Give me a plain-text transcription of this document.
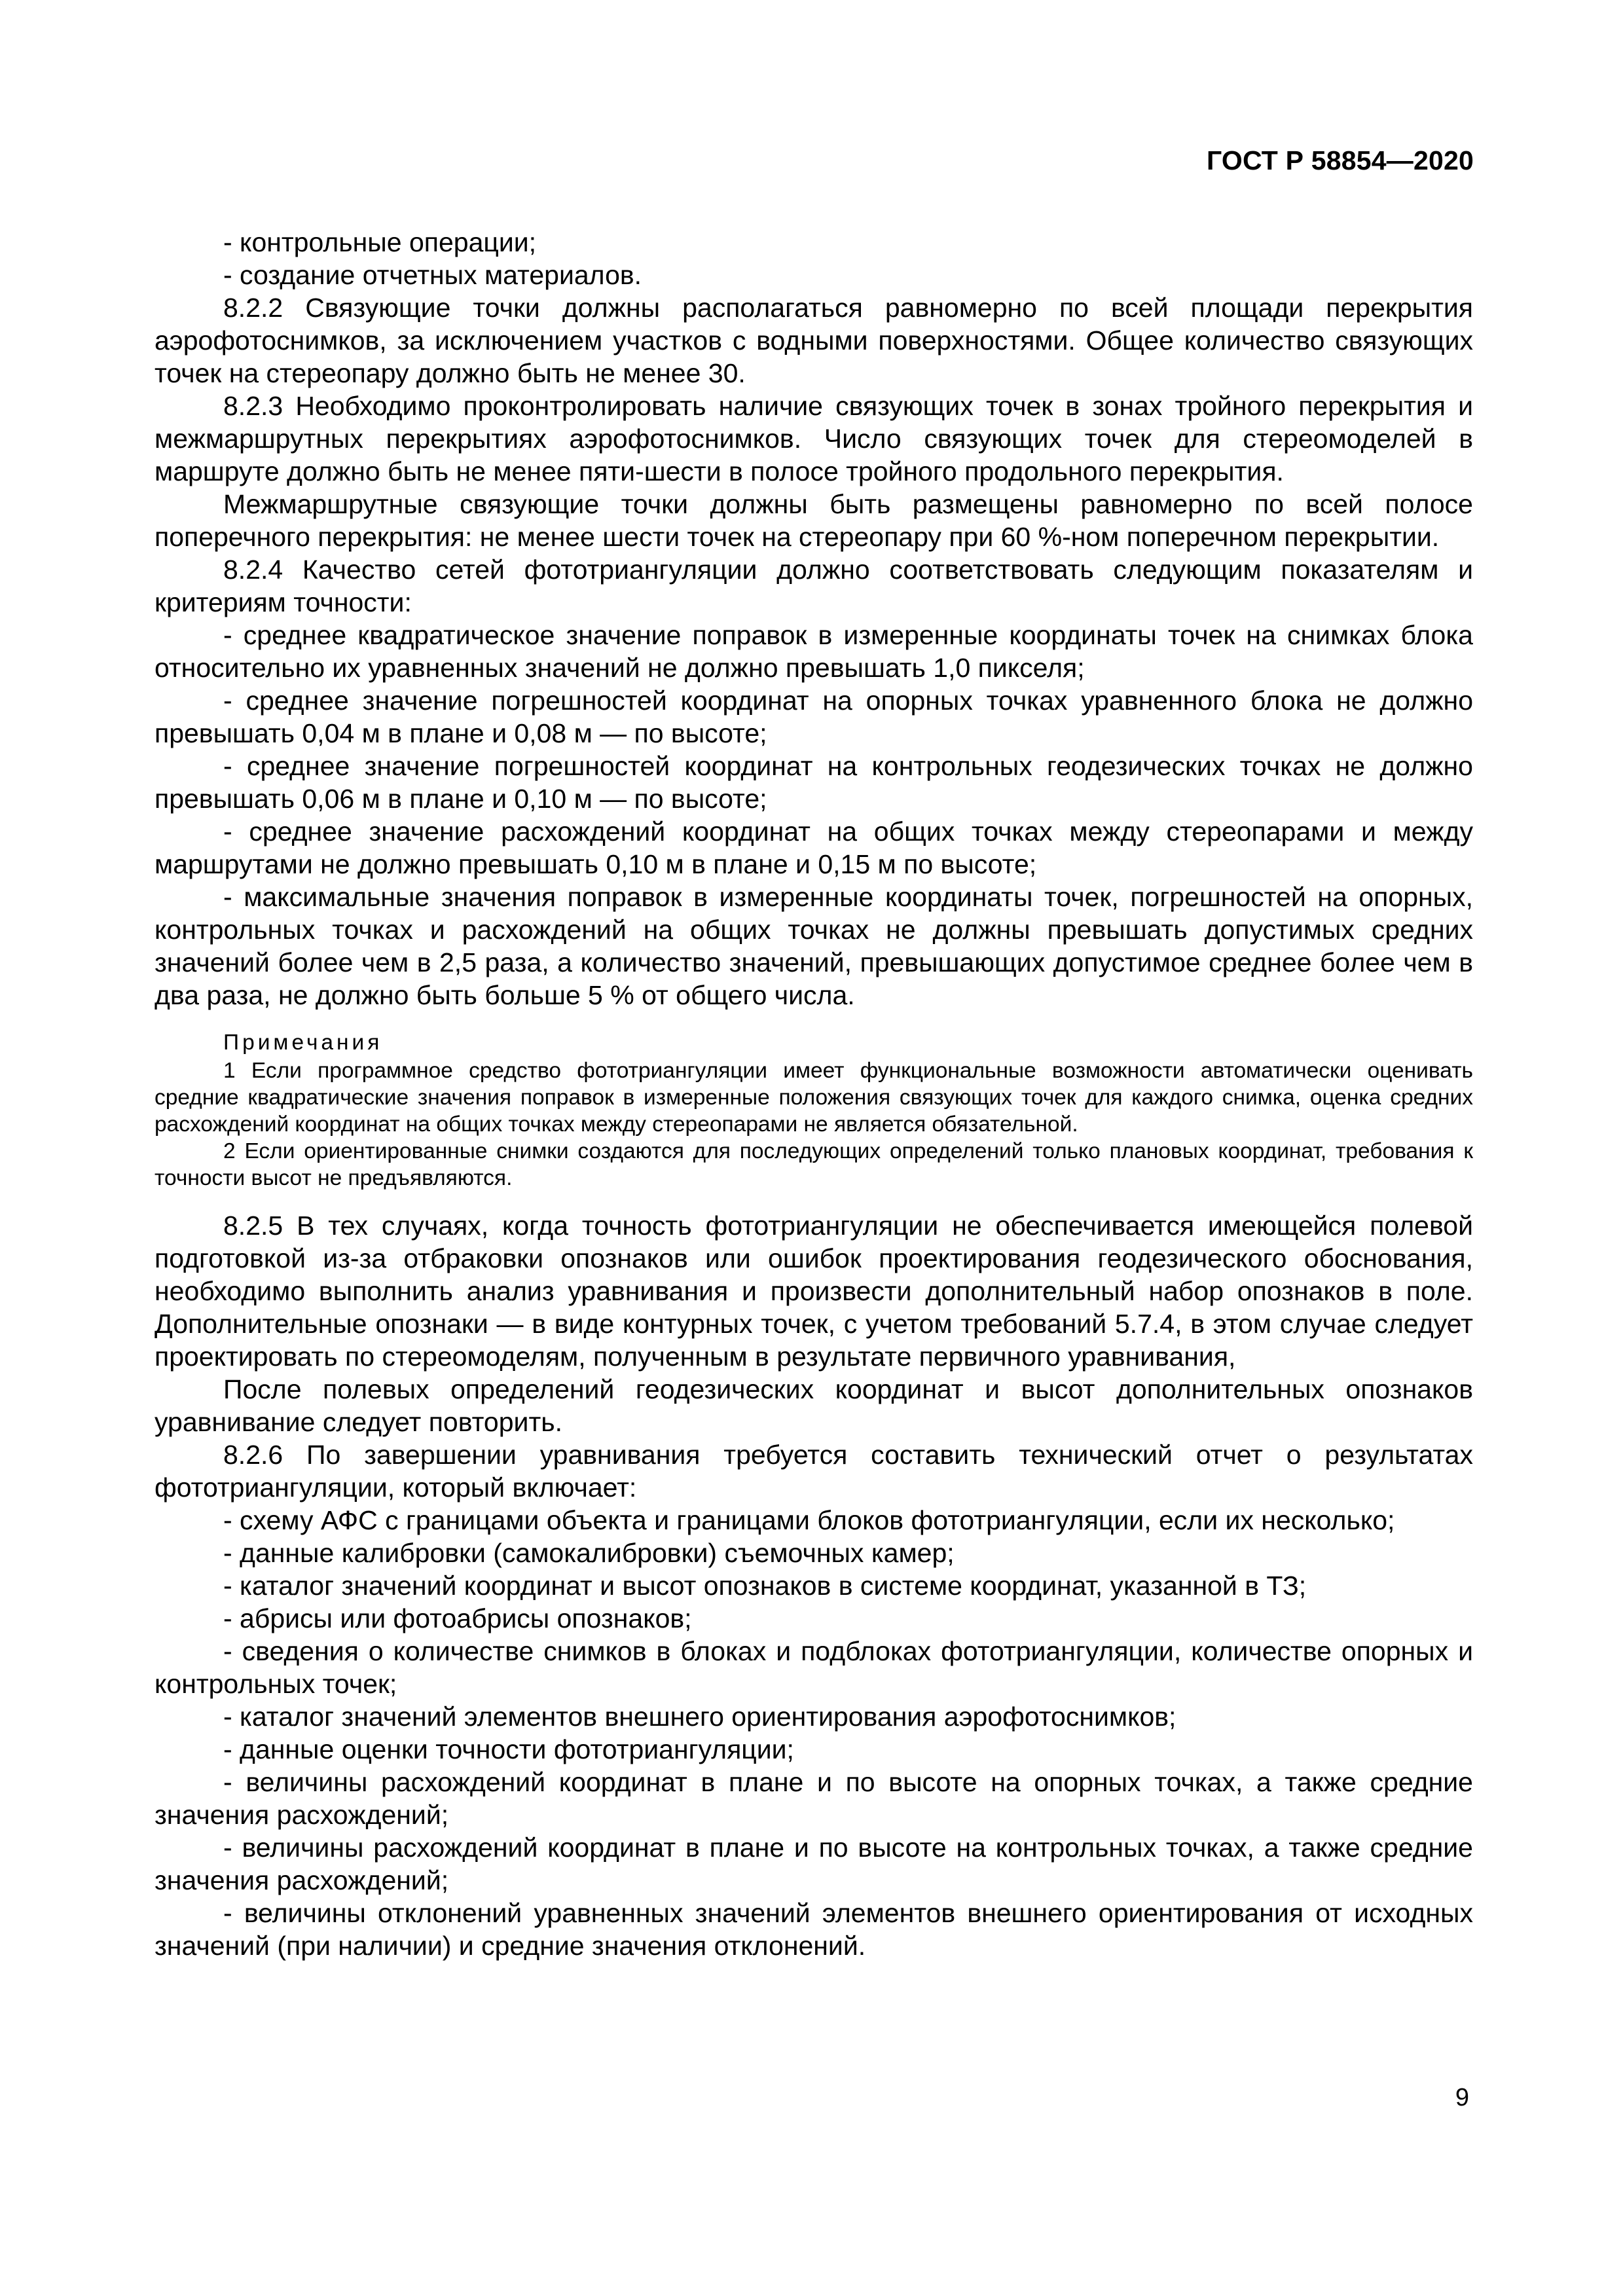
ГОСТ Р 58854—2020

- контрольные операции;

- создание отчетных материалов.

8.2.2 Связующие точки должны располагаться равномерно по всей площади перекрытия аэрофотоснимков, за исключением участков с водными поверхностями. Общее количество связующих точек на стереопару должно быть не менее 30.

8.2.3 Необходимо проконтролировать наличие связующих точек в зонах тройного перекрытия и межмаршрутных перекрытиях аэрофотоснимков. Число связующих точек для стереомоделей в маршруте должно быть не менее пяти-шести в полосе тройного продольного перекрытия.

Межмаршрутные связующие точки должны быть размещены равномерно по всей полосе поперечного перекрытия: не менее шести точек на стереопару при 60 %-ном поперечном перекрытии.

8.2.4 Качество сетей фототриангуляции должно соответствовать следующим показателям и критериям точности:

- среднее квадратическое значение поправок в измеренные координаты точек на снимках блока относительно их уравненных значений не должно превышать 1,0 пикселя;

- среднее значение погрешностей координат на опорных точках уравненного блока не должно превышать 0,04 м в плане и 0,08 м — по высоте;

- среднее значение погрешностей координат на контрольных геодезических точках не должно превышать 0,06 м в плане и 0,10 м — по высоте;

- среднее значение расхождений координат на общих точках между стереопарами и между маршрутами не должно превышать 0,10 м в плане и 0,15 м по высоте;

- максимальные значения поправок в измеренные координаты точек, погрешностей на опорных, контрольных точках и расхождений на общих точках не должны превышать допустимых средних значений более чем в 2,5 раза, а количество значений, превышающих допустимое среднее более чем в два раза, не должно быть больше 5 % от общего числа.

Примечания

1 Если программное средство фототриангуляции имеет функциональные возможности автоматически оценивать средние квадратические значения поправок в измеренные положения связующих точек для каждого снимка, оценка средних расхождений координат на общих точках между стереопарами не является обязательной.

2 Если ориентированные снимки создаются для последующих определений только плановых координат, требования к точности высот не предъявляются.

8.2.5 В тех случаях, когда точность фототриангуляции не обеспечивается имеющейся полевой подготовкой из-за отбраковки опознаков или ошибок проектирования геодезического обоснования, необходимо выполнить анализ уравнивания и произвести дополнительный набор опознаков в поле. Дополнительные опознаки — в виде контурных точек, с учетом требований 5.7.4, в этом случае следует проектировать по стереомоделям, полученным в результате первичного уравнивания,

После полевых определений геодезических координат и высот дополнительных опознаков уравнивание следует повторить.

8.2.6 По завершении уравнивания требуется составить технический отчет о результатах фототриангуляции, который включает:

- схему АФС с границами объекта и границами блоков фототриангуляции, если их несколько;

- данные калибровки (самокалибровки) съемочных камер;

- каталог значений координат и высот опознаков в системе координат, указанной в ТЗ;

- абрисы или фотоабрисы опознаков;

- сведения о количестве снимков в блоках и подблоках фототриангуляции, количестве опорных и контрольных точек;

- каталог значений элементов внешнего ориентирования аэрофотоснимков;

- данные оценки точности фототриангуляции;

- величины расхождений координат в плане и по высоте на опорных точках, а также средние значения расхождений;

- величины расхождений координат в плане и по высоте на контрольных точках, а также средние значения расхождений;

- величины отклонений уравненных значений элементов внешнего ориентирования от исходных значений (при наличии) и средние значения отклонений.

9
